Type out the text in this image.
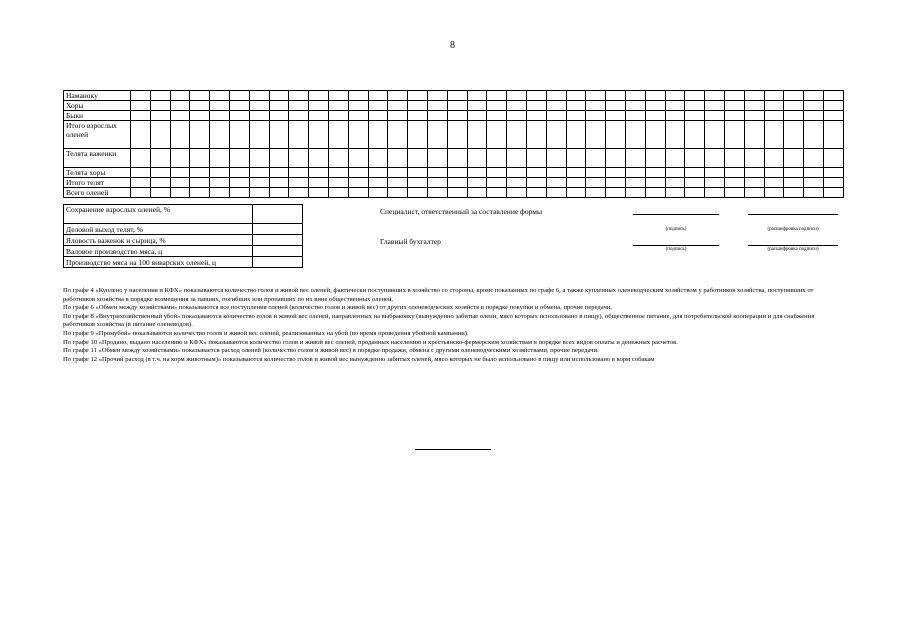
8
Наманоку																																				
Хоры																																				
Быки																																				
Итого взрослых оленей																																				
Телята важенки																																				
Телята хоры																																				
Итого телят																																				
Всего оленей																																				
Сохранение взрослых оленей, %	
Деловой выход телят, %	
Яловость важенок и сырица, %	
Валовое производство мяса, ц	
Производство мяса на 100 январских оленей, ц	
Специалист, ответственный за составление формы
(подпись)	(расшифровка подписи)
Главный бухгалтер
(подпись)	(расшифровка подписи)

По графе 4 «Куплено у населения и КФХ» показываются количество голов и живой вес оленей, фактически поступивших в хозяйство со стороны, кроме показанных по графе 6, а также купленных оленеводческим хозяйством у работников хозяйства, поступивших от работников хозяйства в порядке возмещения за павших, погибших или пропавших по их вине общественных оленей.

По графе 6 «Обмен между хозяйствами» показываются все поступления оленей (количество голов и живой вес) от других оленеводческих хозяйств в порядке покупки и обмена, прочие передачи.

По графе 8 «Внутрихозяйственный убой» показываются количество голов и живой вес оленей, направленных на выбраковку (вынужденно забитые олени, мясо которых использовано в пищу), общественное питание, для потребительской кооперации и для снабжения работников хозяйства (в питание оленеводов).

По графе 9 «Промубой» показываются количество голов и живой вес оленей, реализованных на убой (во время проведения убойной кампании).

По графе 10 «Продано, выдано населению и КФХ» показываются количество голов и живой вес оленей, проданных населению и крестьянско-фермерским хозяйствам в порядке всех видов оплаты и денежных расчетов.

По графе 11 «Обмен между хозяйствами» показывается расход оленей (количество голов и живой вес) в порядке продажи, обмена с другими оленеводческими хозяйствами, прочие передачи.

По графе 12 «Прочий расход (в т.ч. на корм животным)» показываются количество голов и живой вес вынужденно забитых оленей, мясо которых не было использовано в пищу или использовано в корм собакам
